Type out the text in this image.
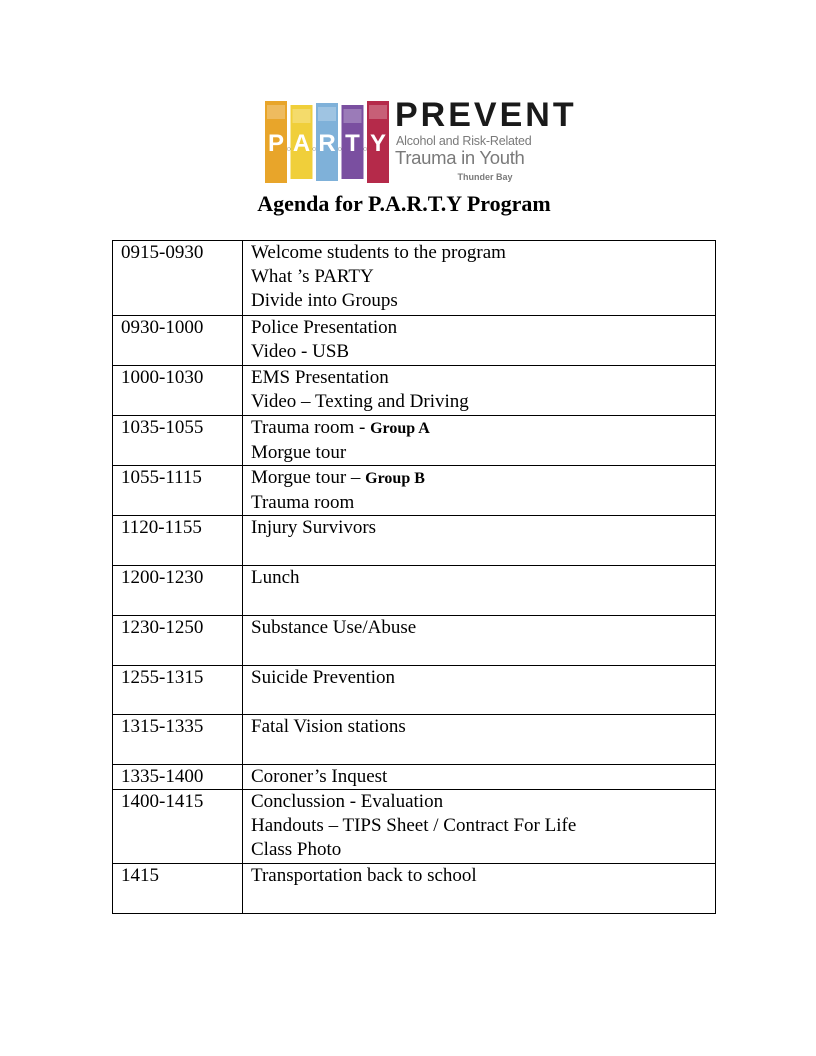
P A R T Y
PREVENT
Alcohol and Risk-Related
Trauma in Youth
Thunder Bay
Agenda for P.A.R.T.Y Program
0915-0930	Welcome students to the program
What ’s PARTY
Divide into Groups

0930-1000	Police Presentation
Video - USB

1000-1030	EMS Presentation
Video – Texting and Driving

1035-1055	Trauma room - Group A
Morgue tour

1055-1115	Morgue tour – Group B
Trauma room

1120-1155	Injury Survivors

1200-1230	Lunch

1230-1250	Substance Use/Abuse

1255-1315	Suicide Prevention

1315-1335	Fatal Vision stations

1335-1400	Coroner’s Inquest

1400-1415	Conclussion - Evaluation
Handouts – TIPS Sheet / Contract For Life
Class Photo

1415	Transportation back to school
